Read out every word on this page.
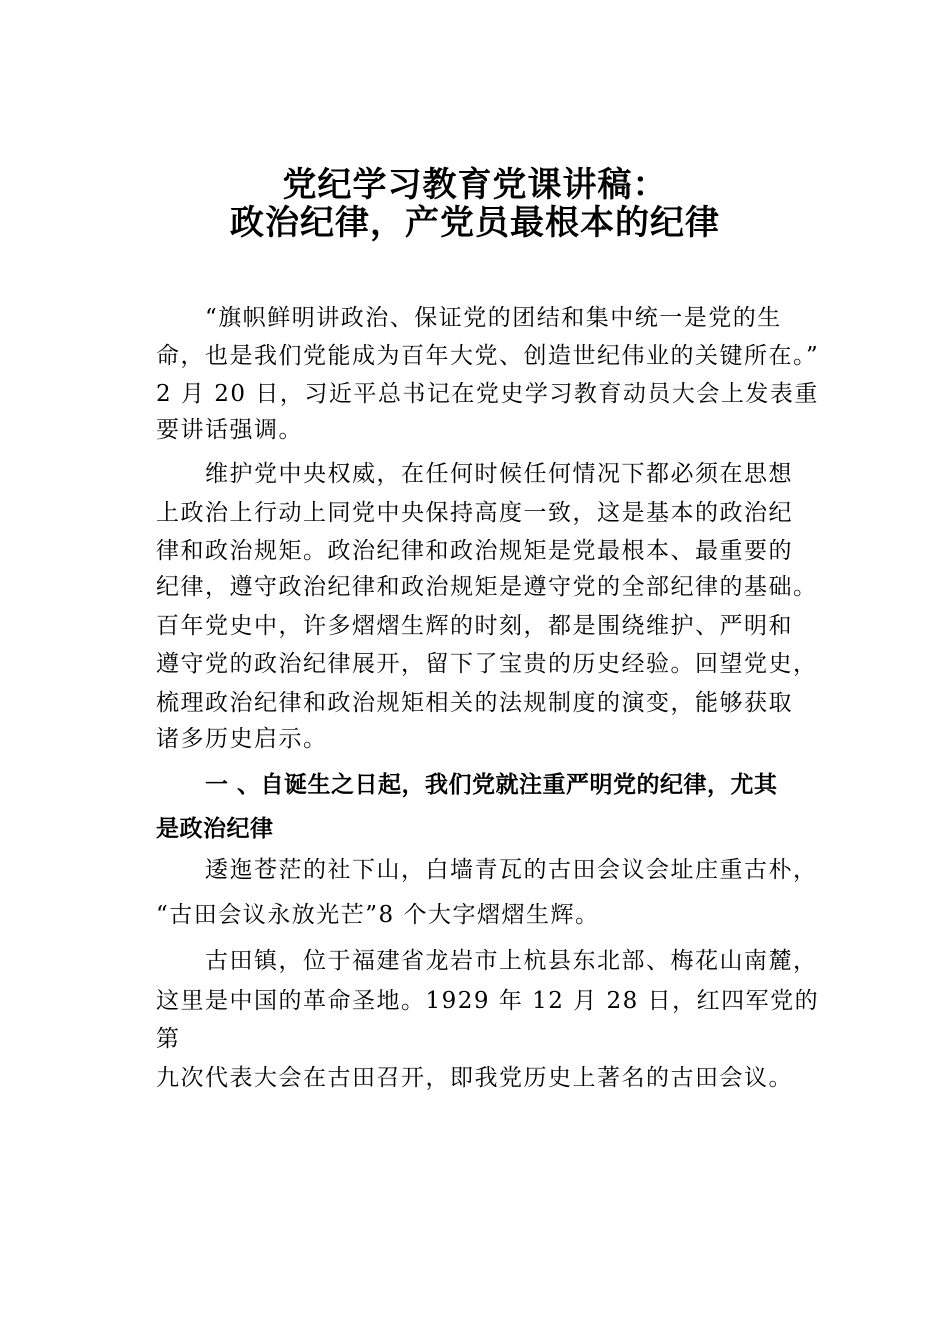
党纪学习教育党课讲稿：
政治纪律，产党员最根本的纪律
“旗帜鲜明讲政治、保证党的团结和集中统一是党的生
命，也是我们党能成为百年大党、创造世纪伟业的关键所在。”
2 月 20 日，习近平总书记在党史学习教育动员大会上发表重
要讲话强调。
维护党中央权威，在任何时候任何情况下都必须在思想
上政治上行动上同党中央保持高度一致，这是基本的政治纪
律和政治规矩。政治纪律和政治规矩是党最根本、最重要的
纪律，遵守政治纪律和政治规矩是遵守党的全部纪律的基础。
百年党史中，许多熠熠生辉的时刻，都是围绕维护、严明和
遵守党的政治纪律展开，留下了宝贵的历史经验。回望党史，
梳理政治纪律和政治规矩相关的法规制度的演变，能够获取
诸多历史启示。
一 、自诞生之日起，我们党就注重严明党的纪律，尤其
是政治纪律
逶迤苍茫的社下山，白墙青瓦的古田会议会址庄重古朴，
“古田会议永放光芒”8 个大字熠熠生辉。
古田镇，位于福建省龙岩市上杭县东北部、梅花山南麓，
这里是中国的革命圣地。1929 年 12 月 28 日，红四军党的
第
九次代表大会在古田召开，即我党历史上著名的古田会议。
